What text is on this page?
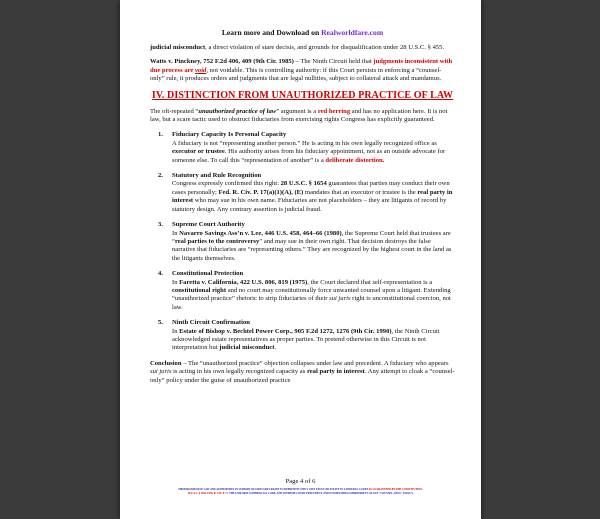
Learn more and Download on Realworldfare.com

judicial misconduct, a direct violation of stare decisis, and grounds for disqualification under 28 U.S.C. § 455.

Watts v. Pinckney, 752 F.2d 406, 409 (9th Cir. 1985) – The Ninth Circuit held that judgments inconsistent with due process are void, not voidable. This is controlling authority: if this Court persists in enforcing a “counsel-only” rule, it produces orders and judgments that are legal nullities, subject to collateral attack and mandamus.

IV. DISTINCTION FROM UNAUTHORIZED PRACTICE OF LAW

The oft-repeated “unauthorized practice of law” argument is a red herring and has no application here. It is not law, but a scare tactic used to obstruct fiduciaries from exercising rights Congress has explicitly guaranteed.

1. Fiduciary Capacity Is Personal Capacity

A fiduciary is not “representing another person.” He is acting in his own legally recognized office as executor or trustee. His authority arises from his fiduciary appointment, not as an outside advocate for someone else. To call this “representation of another” is a deliberate distortion.

2. Statutory and Rule Recognition

Congress expressly confirmed this right: 28 U.S.C. § 1654 guarantees that parties may conduct their own cases personally; Fed. R. Civ. P. 17(a)(1)(A), (E) mandates that an executor or trustee is the real party in interest who may sue in his own name. Fiduciaries are not placeholders – they are litigants of record by statutory design. Any contrary assertion is judicial fraud.

3. Supreme Court Authority

In Navarro Savings Ass’n v. Lee, 446 U.S. 458, 464–66 (1980), the Supreme Court held that trustees are “real parties to the controversy” and may sue in their own right. That decision destroys the false narrative that fiduciaries are “representing others.” They are recognized by the highest court in the land as the litigants themselves.

4. Constitutional Protection

In Faretta v. California, 422 U.S. 806, 819 (1975), the Court declared that self-representation is a constitutional right and no court may constitutionally force unwanted counsel upon a litigant. Extending “unauthorized practice” rhetoric to strip fiduciaries of their sui juris right is unconstitutional coercion, not law.

5. Ninth Circuit Confirmation

In Estate of Bishop v. Bechtel Power Corp., 905 F.2d 1272, 1276 (9th Cir. 1990), the Ninth Circuit acknowledged estate representatives as proper parties. To pretend otherwise in this Circuit is not interpretation but judicial misconduct.

Conclusion – The “unauthorized practice” objection collapses under law and precedent. A fiduciary who appears sui juris is acting in his own legally recognized capacity as real party in interest. Any attempt to cloak a “counsel-only” policy under the guise of unauthorized practice

Page 4 of 6
MEMORANDUM OF LAW AND AUTHORITIES IN SUPPORT OF FIDUCIARY RIGHT TO REPRESENT ONE'S OWN TRUST OR ESTATE IN A FEDERAL COURT AS GUARANTEED BY THE CONSTITUTION,
28 U.S.C. § 1654, FED. R. CIV. P. 17, THE UNIFORM COMMERCIAL CODE, AND SUPREME COURT PRECEDENT, AND ESTABLISHING IMPROPRIETY OF ANY "COUNSEL-ONLY" POLICY
